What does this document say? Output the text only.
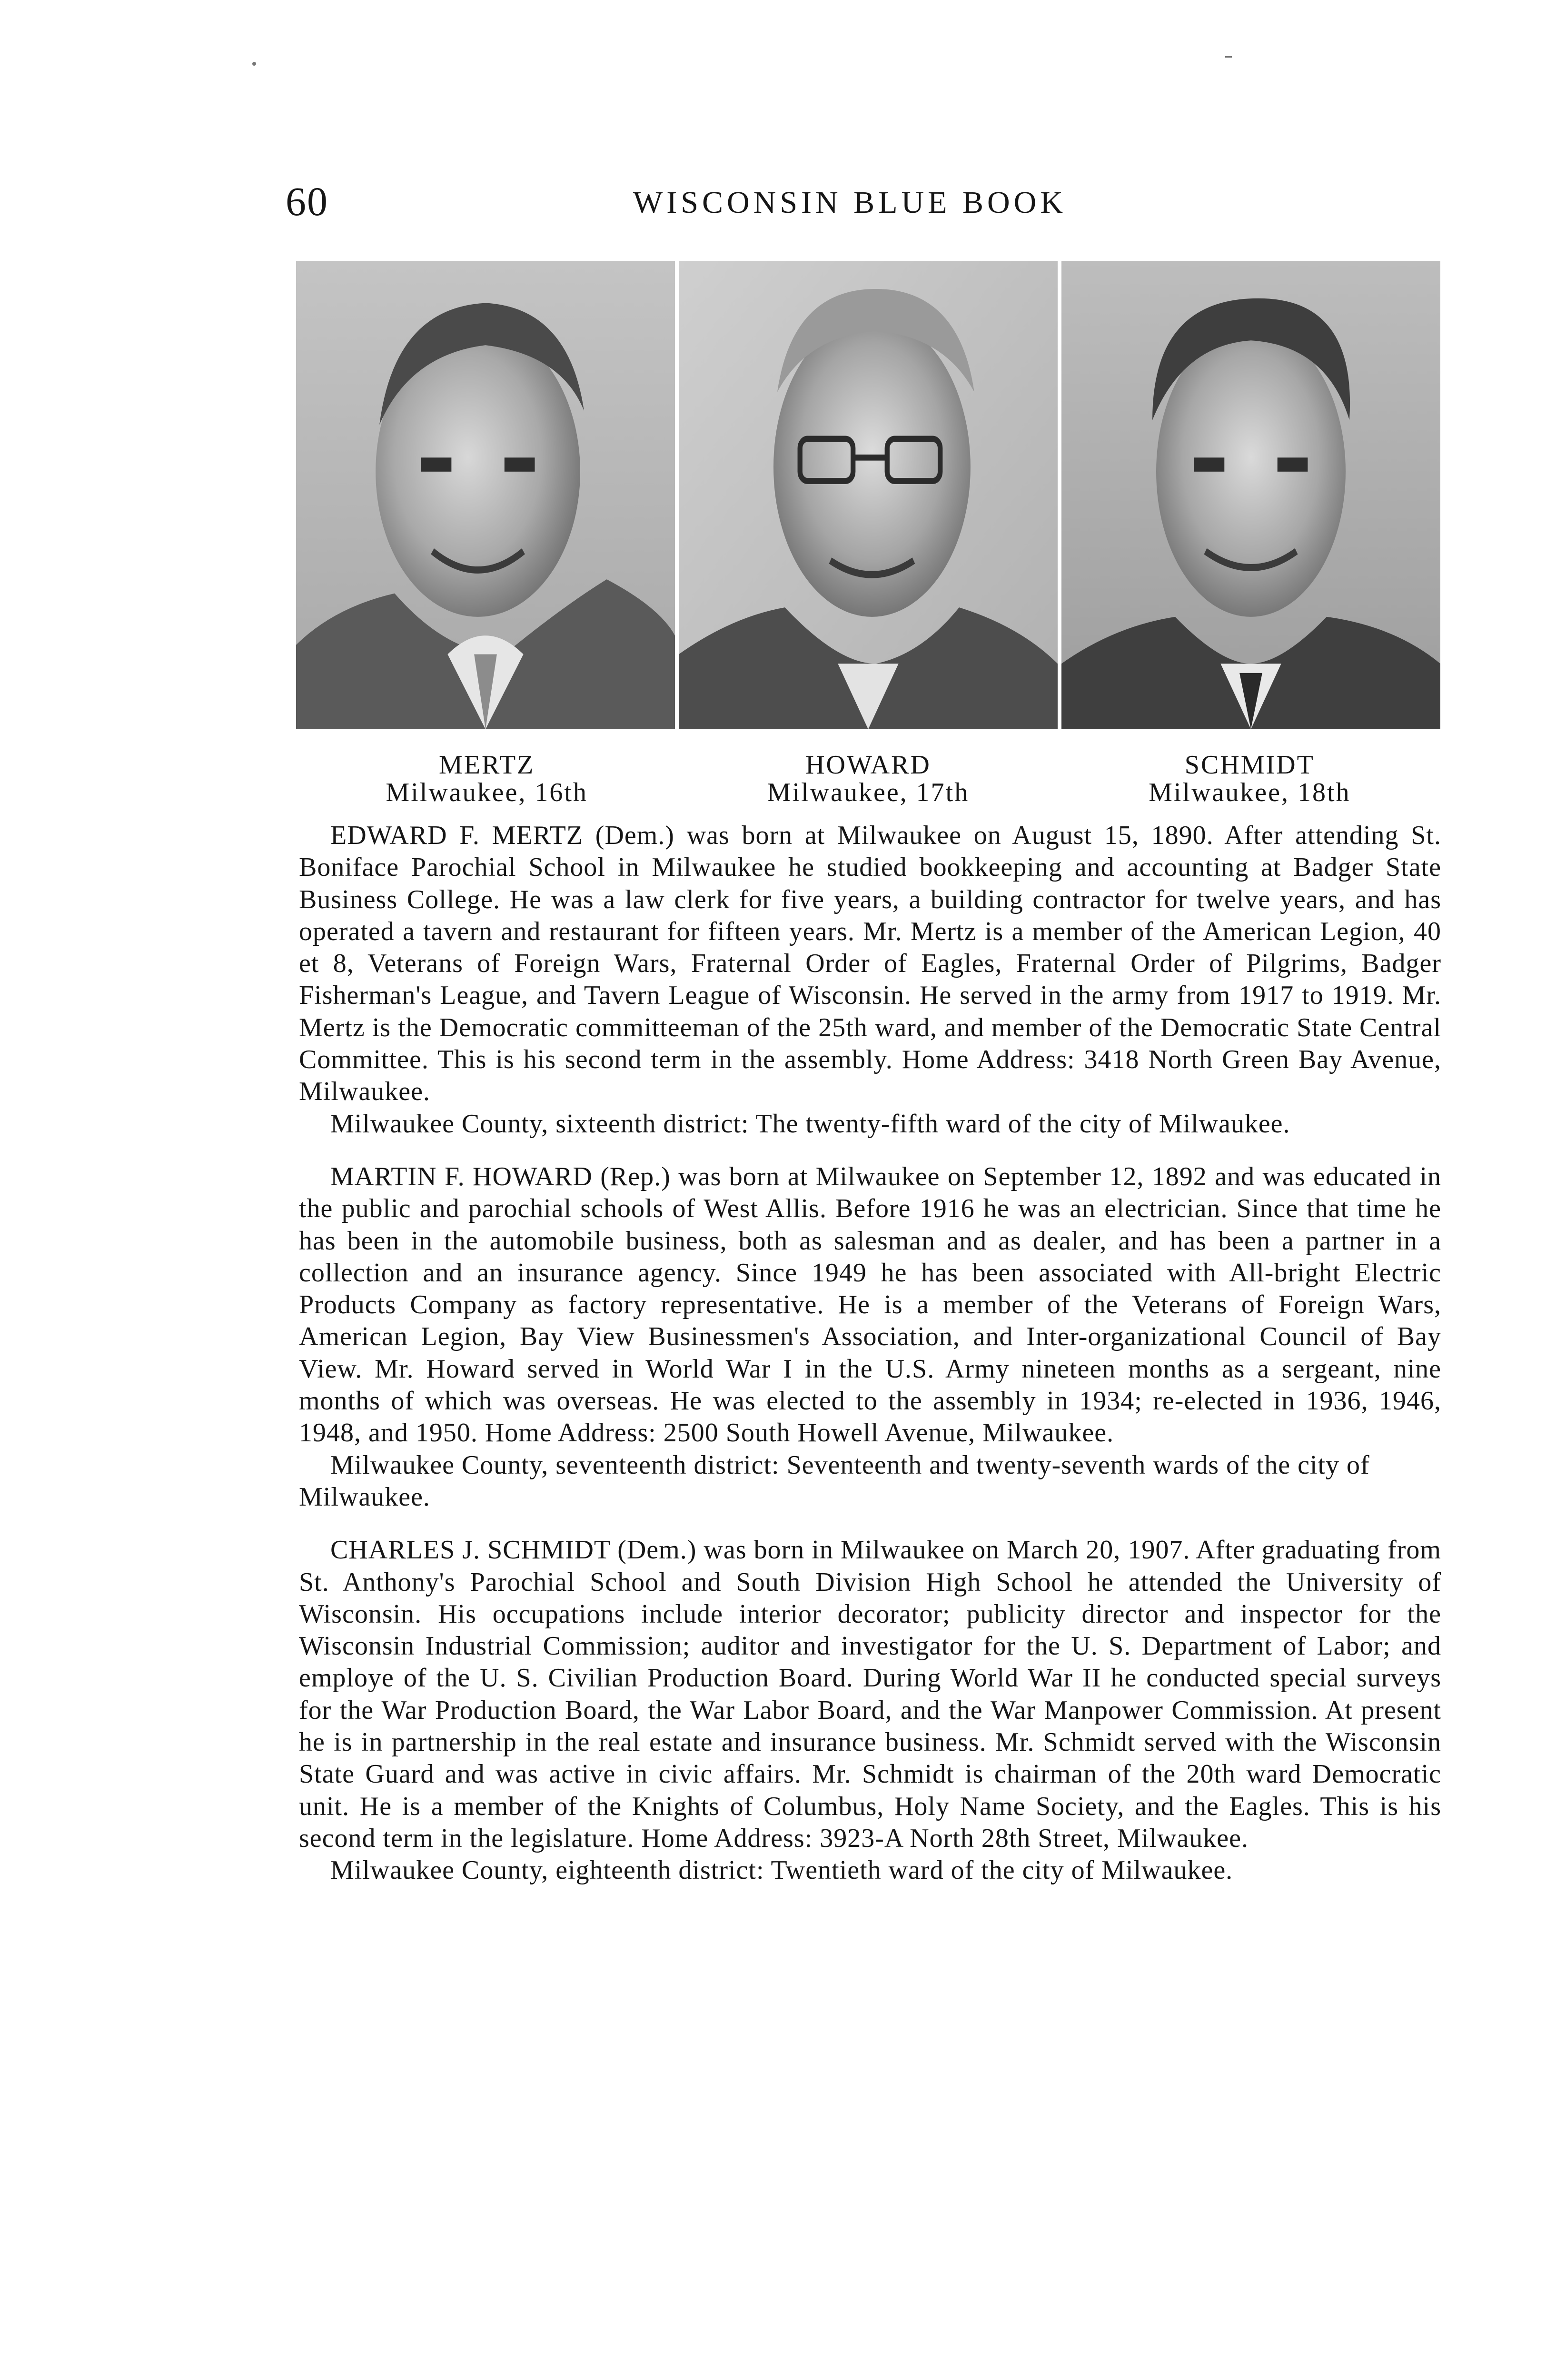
60	WISCONSIN BLUE BOOK
MERTZ
Milwaukee, 16th
HOWARD
Milwaukee, 17th
SCHMIDT
Milwaukee, 18th

EDWARD F. MERTZ (Dem.) was born at Milwaukee on August 15, 1890. After attending St. Boniface Parochial School in Milwaukee he studied bookkeeping and accounting at Badger State Business College. He was a law clerk for five years, a building contractor for twelve years, and has operated a tavern and restaurant for fifteen years. Mr. Mertz is a member of the American Legion, 40 et 8, Veterans of Foreign Wars, Fraternal Order of Eagles, Fraternal Order of Pilgrims, Badger Fisherman's League, and Tavern League of Wisconsin. He served in the army from 1917 to 1919. Mr. Mertz is the Democratic committeeman of the 25th ward, and member of the Democratic State Central Committee. This is his second term in the assembly. Home Address: 3418 North Green Bay Avenue, Milwaukee.

Milwaukee County, sixteenth district: The twenty-fifth ward of the city of Milwaukee.

MARTIN F. HOWARD (Rep.) was born at Milwaukee on September 12, 1892 and was educated in the public and parochial schools of West Allis. Before 1916 he was an electrician. Since that time he has been in the automobile business, both as salesman and as dealer, and has been a partner in a collection and an insurance agency. Since 1949 he has been associated with All-bright Electric Products Company as factory representative. He is a member of the Veterans of Foreign Wars, American Legion, Bay View Businessmen's Association, and Inter-organizational Council of Bay View. Mr. Howard served in World War I in the U.S. Army nineteen months as a sergeant, nine months of which was overseas. He was elected to the assembly in 1934; re-elected in 1936, 1946, 1948, and 1950. Home Address: 2500 South Howell Avenue, Milwaukee.

Milwaukee County, seventeenth district: Seventeenth and twenty-seventh wards of the city of Milwaukee.

CHARLES J. SCHMIDT (Dem.) was born in Milwaukee on March 20, 1907. After graduating from St. Anthony's Parochial School and South Division High School he attended the University of Wisconsin. His occupations include interior decorator; publicity director and inspector for the Wisconsin Industrial Commission; auditor and investigator for the U. S. Department of Labor; and employe of the U. S. Civilian Production Board. During World War II he conducted special surveys for the War Production Board, the War Labor Board, and the War Manpower Commission. At present he is in partnership in the real estate and insurance business. Mr. Schmidt served with the Wisconsin State Guard and was active in civic affairs. Mr. Schmidt is chairman of the 20th ward Democratic unit. He is a member of the Knights of Columbus, Holy Name Society, and the Eagles. This is his second term in the legislature. Home Address: 3923-A North 28th Street, Milwaukee.

Milwaukee County, eighteenth district: Twentieth ward of the city of Milwaukee.
